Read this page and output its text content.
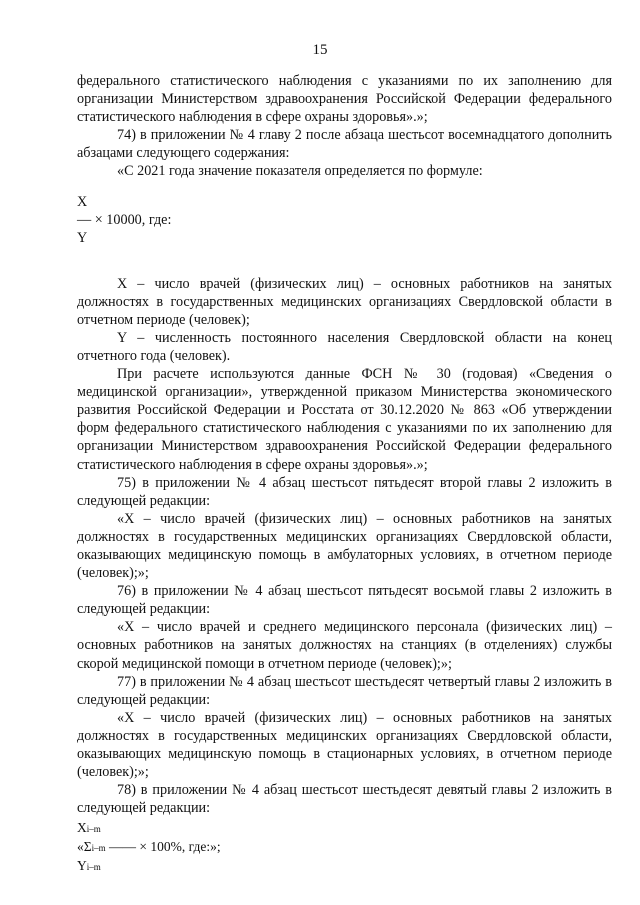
15

федерального статистического наблюдения с указаниями по их заполнению для организации Министерством здравоохранения Российской Федерации федерального статистического наблюдения в сфере охраны здоровья».»;

74) в приложении № 4 главу 2 после абзаца шестьсот восемнадцатого дополнить абзацами следующего содержания:

«С 2021 года значение показателя определяется по формуле:

X

— × 10000, где:

Y

X – число врачей (физических лиц) – основных работников на занятых должностях в государственных медицинских организациях Свердловской области в отчетном периоде (человек);

Y – численность постоянного населения Свердловской области на конец отчетного года (человек).

При расчете используются данные ФСН № 30 (годовая) «Сведения о медицинской организации», утвержденной приказом Министерства экономического развития Российской Федерации и Росстата от 30.12.2020 № 863 «Об утверждении форм федерального статистического наблюдения с указаниями по их заполнению для организации Министерством здравоохранения Российской Федерации федерального статистического наблюдения в сфере охраны здоровья».»;

75) в приложении № 4 абзац шестьсот пятьдесят второй главы 2 изложить в следующей редакции:

«X – число врачей (физических лиц) – основных работников на занятых должностях в государственных медицинских организациях Свердловской области, оказывающих медицинскую помощь в амбулаторных условиях, в отчетном периоде (человек);»;

76) в приложении № 4 абзац шестьсот пятьдесят восьмой главы 2 изложить в следующей редакции:

«X – число врачей и среднего медицинского персонала (физических лиц) – основных работников на занятых должностях на станциях (в отделениях) службы скорой медицинской помощи в отчетном периоде (человек);»;

77) в приложении № 4 абзац шестьсот шестьдесят четвертый главы 2 изложить в следующей редакции:

«X – число врачей (физических лиц) – основных работников на занятых должностях в государственных медицинских организациях Свердловской области, оказывающих медицинскую помощь в стационарных условиях, в отчетном периоде (человек);»;

78) в приложении № 4 абзац шестьсот шестьдесят девятый главы 2 изложить в следующей редакции:

Xi–m

«Σi–m —— × 100%, где:»;

Yi–m
